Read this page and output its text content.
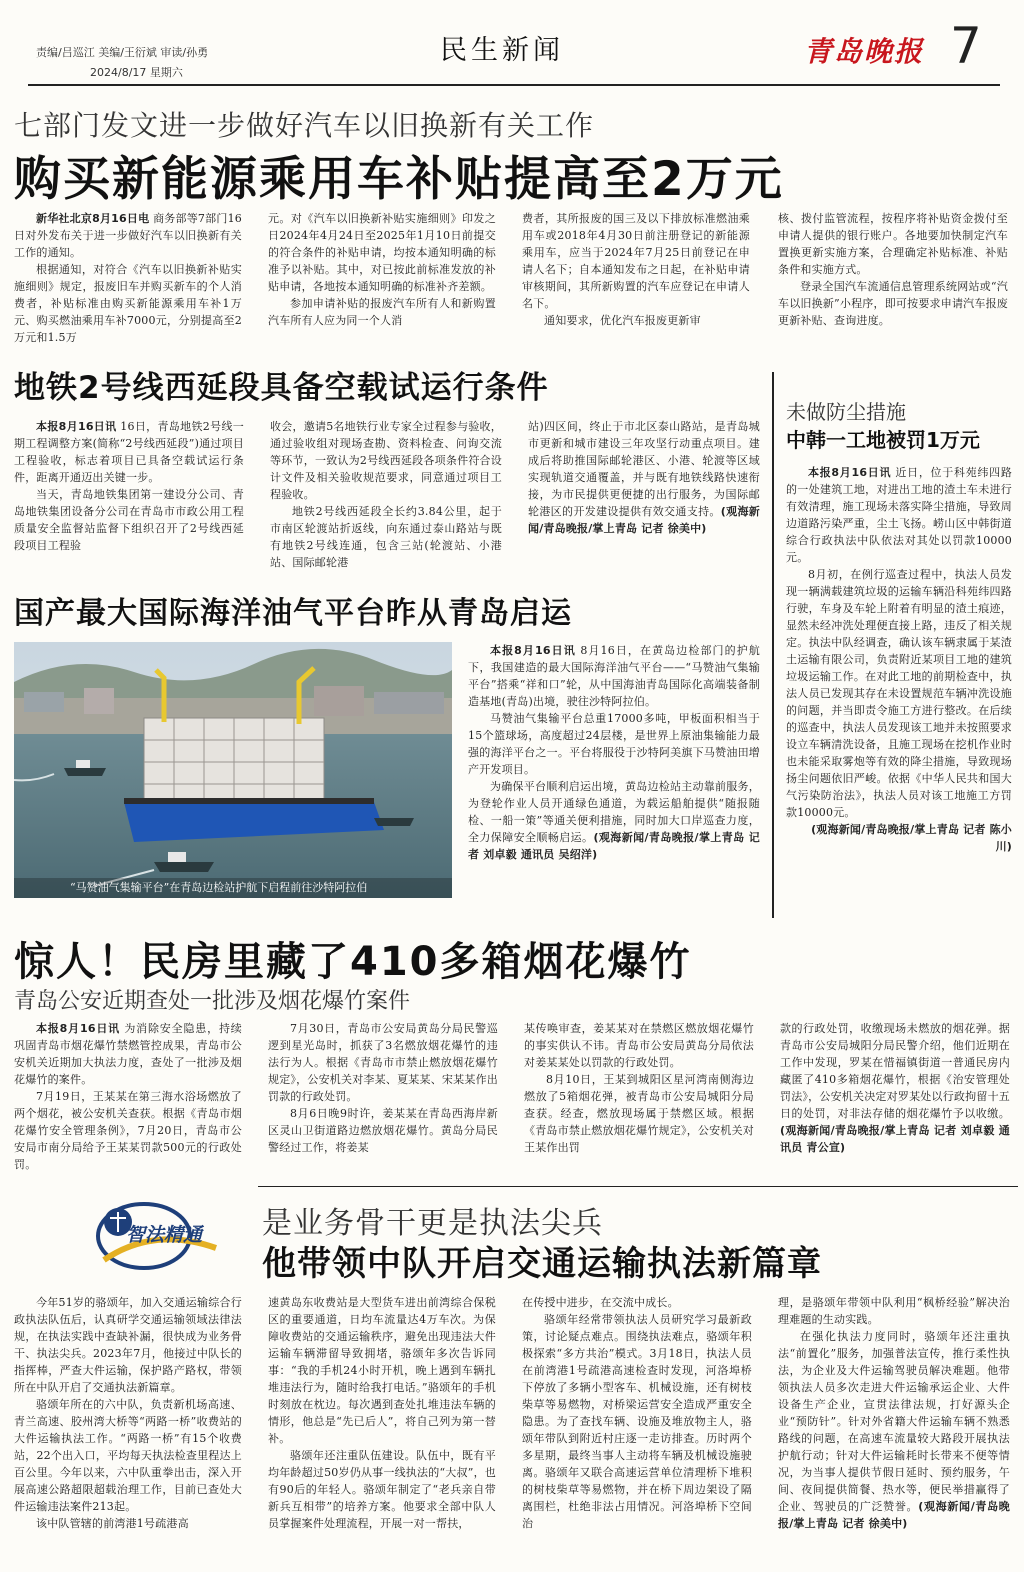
责编/吕巡江 美编/王衍斌 审读/孙勇
2024/8/17 星期六
民生新闻	青岛晚报 7
七部门发文进一步做好汽车以旧换新有关工作
购买新能源乘用车补贴提高至2万元

新华社北京8月16日电 商务部等7部门16日对外发布关于进一步做好汽车以旧换新有关工作的通知。

根据通知，对符合《汽车以旧换新补贴实施细则》规定，报废旧车并购买新车的个人消费者，补贴标准由购买新能源乘用车补1万元、购买燃油乘用车补7000元，分别提高至2万元和1.5万

元。对《汽车以旧换新补贴实施细则》印发之日2024年4月24日至2025年1月10日前提交的符合条件的补贴申请，均按本通知明确的标准予以补贴。其中，对已按此前标准发放的补贴申请，各地按本通知明确的标准补齐差额。

参加申请补贴的报废汽车所有人和新购置汽车所有人应为同一个人消

费者，其所报废的国三及以下排放标准燃油乘用车或2018年4月30日前注册登记的新能源乘用车，应当于2024年7月25日前登记在申请人名下；自本通知发布之日起，在补贴申请审核期间，其所新购置的汽车应登记在申请人名下。

通知要求，优化汽车报废更新审

核、拨付监管流程，按程序将补贴资金拨付至申请人提供的银行账户。各地要加快制定汽车置换更新实施方案，合理确定补贴标准、补贴条件和实施方式。

登录全国汽车流通信息管理系统网站或“汽车以旧换新”小程序，即可按要求申请汽车报废更新补贴、查询进度。

地铁2号线西延段具备空载试运行条件

本报8月16日讯 16日，青岛地铁2号线一期工程调整方案(简称“2号线西延段”)通过项目工程验收，标志着项目已具备空载试运行条件，距离开通迈出关键一步。

当天，青岛地铁集团第一建设分公司、青岛地铁集团设备分公司在青岛市市政公用工程质量安全监督站监督下组织召开了2号线西延段项目工程验

收会，邀请5名地铁行业专家全过程参与验收，通过验收组对现场查勘、资料检查、问询交流等环节，一致认为2号线西延段各项条件符合设计文件及相关验收规范要求，同意通过项目工程验收。

地铁2号线西延段全长约3.84公里，起于市南区轮渡站折返线，向东通过泰山路站与既有地铁2号线连通，包含三站(轮渡站、小港站、国际邮轮港

站)四区间，终止于市北区泰山路站，是青岛城市更新和城市建设三年攻坚行动重点项目。建成后将助推国际邮轮港区、小港、轮渡等区域实现轨道交通覆盖，并与既有地铁线路快速衔接，为市民提供更便捷的出行服务，为国际邮轮港区的开发建设提供有效交通支持。(观海新闻/青岛晚报/掌上青岛 记者 徐美中)

未做防尘措施
中韩一工地被罚1万元

本报8月16日讯 近日，位于科苑纬四路的一处建筑工地，对进出工地的渣土车未进行有效清理，施工现场未落实降尘措施，导致周边道路污染严重，尘土飞扬。崂山区中韩街道综合行政执法中队依法对其处以罚款10000元。

8月初，在例行巡查过程中，执法人员发现一辆满载建筑垃圾的运输车辆沿科苑纬四路行驶，车身及车轮上附着有明显的渣土痕迹，显然未经冲洗处理便直接上路，违反了相关规定。执法中队经调查，确认该车辆隶属于某渣土运输有限公司，负责附近某项目工地的建筑垃圾运输工作。在对此工地的前期检查中，执法人员已发现其存在未设置规范车辆冲洗设施的问题，并当即责令施工方进行整改。在后续的巡查中，执法人员发现该工地并未按照要求设立车辆清洗设备，且施工现场在挖机作业时也未能采取雾炮等有效的降尘措施，导致现场扬尘问题依旧严峻。依据《中华人民共和国大气污染防治法》，执法人员对该工地施工方罚款10000元。

(观海新闻/青岛晚报/掌上青岛 记者 陈小川)

国产最大国际海洋油气平台昨从青岛启运
“马赞油气集输平台”在青岛边检站护航下启程前往沙特阿拉伯

本报8月16日讯 8月16日，在黄岛边检部门的护航下，我国建造的最大国际海洋油气平台——“马赞油气集输平台”搭乘“祥和口”轮，从中国海油青岛国际化高端装备制造基地(青岛)出境，驶往沙特阿拉伯。

马赞油气集输平台总重17000多吨，甲板面积相当于15个篮球场，高度超过24层楼，是世界上原油集输能力最强的海洋平台之一。平台将服役于沙特阿美旗下马赞油田增产开发项目。

为确保平台顺利启运出境，黄岛边检站主动靠前服务，为登轮作业人员开通绿色通道，为载运船舶提供“随报随检、一船一策”等通关便利措施，同时加大口岸巡查力度，全力保障安全顺畅启运。(观海新闻/青岛晚报/掌上青岛 记者 刘卓毅 通讯员 吴绍洋)

惊人！民房里藏了410多箱烟花爆竹
青岛公安近期查处一批涉及烟花爆竹案件

本报8月16日讯 为消除安全隐患，持续巩固青岛市烟花爆竹禁燃管控成果，青岛市公安机关近期加大执法力度，查处了一批涉及烟花爆竹的案件。

7月19日，王某某在第三海水浴场燃放了两个烟花，被公安机关查获。根据《青岛市烟花爆竹安全管理条例》，7月20日，青岛市公安局市南分局给予王某某罚款500元的行政处罚。

7月30日，青岛市公安局黄岛分局民警巡逻到星光岛时，抓获了3名燃放烟花爆竹的违法行为人。根据《青岛市市禁止燃放烟花爆竹规定》，公安机关对李某、夏某某、宋某某作出罚款的行政处罚。

8月6日晚9时许，姜某某在青岛西海岸新区灵山卫街道路边燃放烟花爆竹。黄岛分局民警经过工作，将姜某

某传唤审查，姜某某对在禁燃区燃放烟花爆竹的事实供认不讳。青岛市公安局黄岛分局依法对姜某某处以罚款的行政处罚。

8月10日，王某到城阳区星河湾南侧海边燃放了5箱烟花弹，被青岛市公安局城阳分局查获。经查，燃放现场属于禁燃区域。根据《青岛市禁止燃放烟花爆竹规定》，公安机关对王某作出罚

款的行政处罚，收缴现场未燃放的烟花弹。据青岛市公安局城阳分局民警介绍，他们近期在工作中发现，罗某在惜福镇街道一普通民房内藏匿了410多箱烟花爆竹，根据《治安管理处罚法》，公安机关决定对罗某处以行政拘留十五日的处罚，对非法存储的烟花爆竹予以收缴。(观海新闻/青岛晚报/掌上青岛 记者 刘卓毅 通讯员 青公宣)

智法精通 是业务骨干更是执法尖兵
他带领中队开启交通运输执法新篇章

今年51岁的骆颂年，加入交通运输综合行政执法队伍后，认真研学交通运输领域法律法规，在执法实践中查缺补漏，很快成为业务骨干、执法尖兵。2023年7月，他接过中队长的指挥棒，严查大件运输，保护路产路权，带领所在中队开启了交通执法新篇章。

骆颂年所在的六中队，负责新机场高速、青兰高速、胶州湾大桥等“两路一桥”收费站的大件运输执法工作。“两路一桥”有15个收费站，22个出入口，平均每天执法检查里程达上百公里。今年以来，六中队重拳出击，深入开展高速公路超限超载治理工作，目前已查处大件运输违法案件213起。

该中队管辖的前湾港1号疏港高

速黄岛东收费站是大型货车进出前湾综合保税区的重要通道，日均车流量达4万车次。为保障收费站的交通运输秩序，避免出现违法大件运输车辆滞留导致拥堵，骆颂年多次告诉同事：“我的手机24小时开机，晚上遇到车辆扎堆违法行为，随时给我打电话。”骆颂年的手机时刻放在枕边。每次遇到查处扎堆违法车辆的情形，他总是“先已后人”，将自己列为第一替补。

骆颂年还注重队伍建设。队伍中，既有平均年龄超过50岁仍从事一线执法的“大叔”，也有90后的年轻人。骆颂年制定了“老兵亲自带 新兵互相带”的培养方案。他要求全部中队人员掌握案件处理流程，开展一对一帮扶，

在传授中进步，在交流中成长。

骆颂年经常带领执法人员研究学习最新政策，讨论疑点难点。围绕执法难点，骆颂年积极探索“多方共治”模式。3月18日，执法人员在前湾港1号疏港高速检查时发现，河洛埠桥下停放了多辆小型客车、机械设施，还有树枝柴草等易燃物，对桥梁运营安全造成严重安全隐患。为了查找车辆、设施及堆放物主人，骆颂年带队到附近村庄逐一走访排查。历时两个多星期，最终当事人主动将车辆及机械设施驶离。骆颂年又联合高速运营单位清理桥下堆积的树枝柴草等易燃物，并在桥下周边架设了隔离围栏，杜绝非法占用情况。河洛埠桥下空间治

理，是骆颂年带领中队利用“枫桥经验”解决治理难题的生动实践。

在强化执法力度同时，骆颂年还注重执法“前置化”服务，加强普法宣传，推行柔性执法，为企业及大件运输驾驶员解决难题。他带领执法人员多次走进大件运输承运企业、大件设备生产企业，宣贯法律法规，打好源头企业“预防针”。针对外省籍大件运输车辆不熟悉路线的问题，在高速车流量较大路段开展执法护航行动；针对大件运输耗时长带来不便等情况，为当事人提供节假日延时、预约服务，午间、夜间提供简餐、热水等，便民举措赢得了企业、驾驶员的广泛赞誉。(观海新闻/青岛晚报/掌上青岛 记者 徐美中)
